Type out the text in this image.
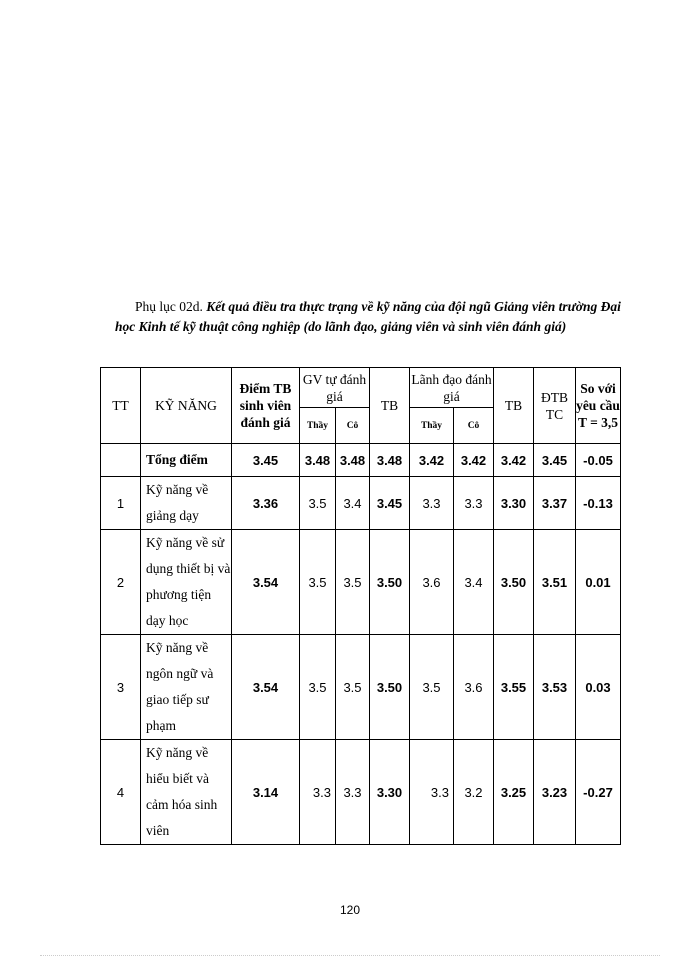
Phụ lục 02d. Kết quả điều tra thực trạng về kỹ năng của đội ngũ Giảng viên trường Đại học Kinh tế kỹ thuật công nghiệp (do lãnh đạo, giảng viên và sinh viên đánh giá)
TT	KỸ NĂNG	Điểm TB sinh viên đánh giá	GV tự đánh giá		TB	Lãnh đạo đánh giá		TB	ĐTB TC	So với yêu cầu T = 3,5
			Thầy	Cô		Thầy	Cô			
	Tổng điểm	3.45	3.48	3.48	3.48	3.42	3.42	3.42	3.45	-0.05
1	Kỹ năng về giảng dạy	3.36	3.5	3.4	3.45	3.3	3.3	3.30	3.37	-0.13
2	Kỹ năng về sử dụng thiết bị và phương tiện dạy học	3.54	3.5	3.5	3.50	3.6	3.4	3.50	3.51	0.01
3	Kỹ năng về ngôn ngữ và giao tiếp sư phạm	3.54	3.5	3.5	3.50	3.5	3.6	3.55	3.53	0.03
4	Kỹ năng về hiểu biết và cảm hóa sinh viên	3.14	3.3	3.3	3.30	3.3	3.2	3.25	3.23	-0.27
120
